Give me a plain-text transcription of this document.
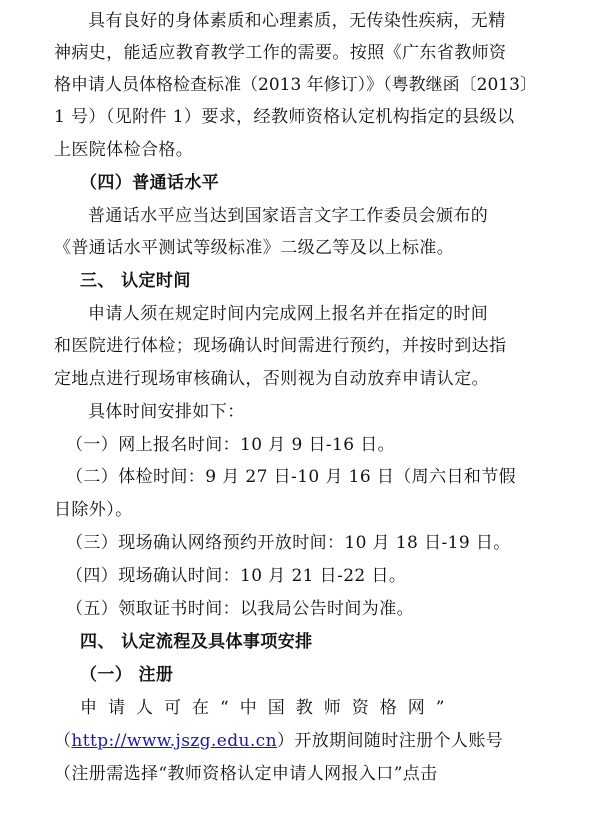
具有良好的身体素质和心理素质，无传染性疾病，无精
神病史，能适应教育教学工作的需要。按照《广东省教师资
格申请人员体格检查标准（2013 年修订）》（粤教继函〔2013〕
1 号）（见附件 1）要求，经教师资格认定机构指定的县级以
上医院体检合格。
（四）普通话水平
普通话水平应当达到国家语言文字工作委员会颁布的
《普通话水平测试等级标准》二级乙等及以上标准。
三、 认定时间
申请人须在规定时间内完成网上报名并在指定的时间
和医院进行体检；现场确认时间需进行预约，并按时到达指
定地点进行现场审核确认，否则视为自动放弃申请认定。
具体时间安排如下：
（一）网上报名时间：10 月 9 日-16 日。
（二）体检时间：9 月 27 日-10 月 16 日（周六日和节假
日除外）。
（三）现场确认网络预约开放时间：10 月 18 日-19 日。
（四）现场确认时间：10 月 21 日-22 日。
（五）领取证书时间：以我局公告时间为准。
四、 认定流程及具体事项安排
（一） 注册
申请人可在“中国教师资格网”
（http://www.jszg.edu.cn）开放期间随时注册个人账号
（注册需选择“教师资格认定申请人网报入口”点击
